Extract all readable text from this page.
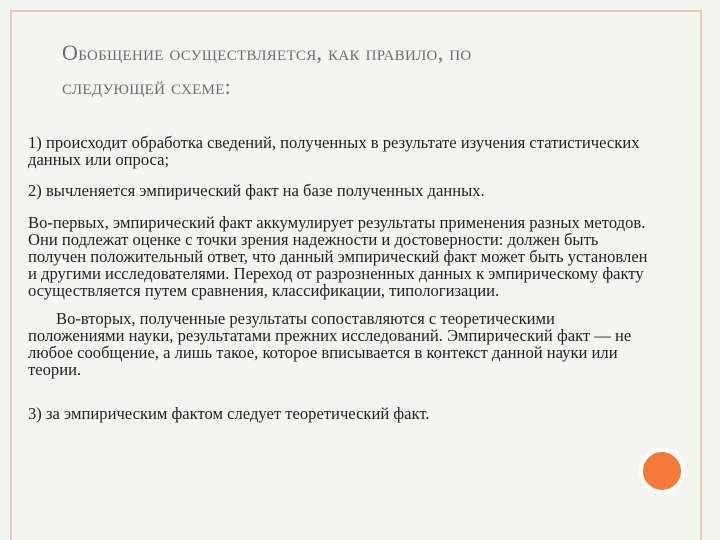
Обобщение осуществляется, как правило, по
следующей схеме:

1) происходит обработка сведений, полученных в результате изучения статистических данных или опроса;

2) вычленяется эмпирический факт на базе полученных данных.

Во-первых, эмпирический факт аккумулирует результаты применения разных методов. Они подлежат оценке с точки зрения надежности и достоверности: должен быть получен положительный ответ, что данный эмпирический факт может быть установлен и другими исследователями. Переход от разрозненных данных к эмпирическому факту осуществляется путем сравнения, классификации, типологизации.

Во-вторых, полученные результаты сопоставляются с теоретическими положениями науки, результатами прежних исследований. Эмпирический факт — не любое сообщение, а лишь такое, которое вписывается в контекст данной науки или теории.

3) за эмпирическим фактом следует теоретический факт.
